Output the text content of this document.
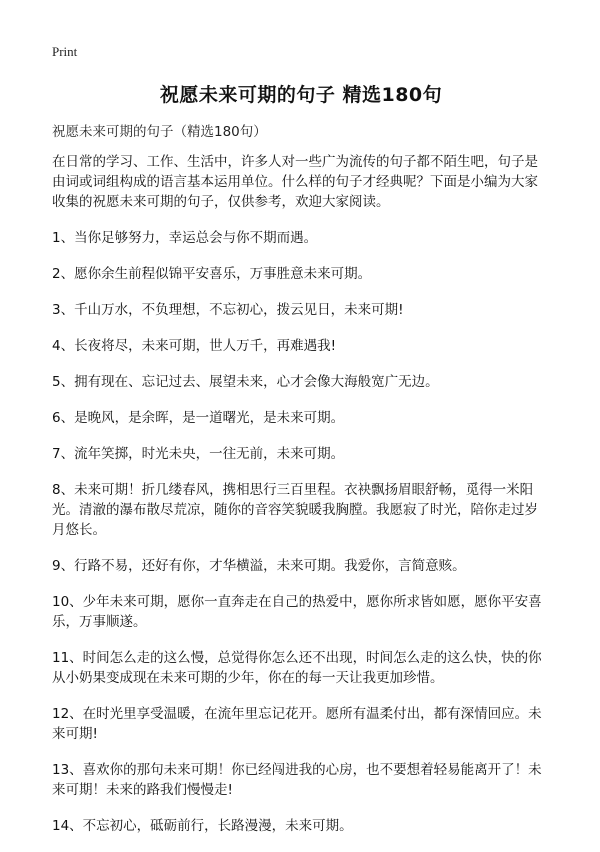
Print
祝愿未来可期的句子 精选180句
祝愿未来可期的句子（精选180句）

在日常的学习、工作、生活中，许多人对一些广为流传的句子都不陌生吧，句子是由词或词组构成的语言基本运用单位。什么样的句子才经典呢？下面是小编为大家收集的祝愿未来可期的句子，仅供参考，欢迎大家阅读。

1、当你足够努力，幸运总会与你不期而遇。

2、愿你余生前程似锦平安喜乐，万事胜意未来可期。

3、千山万水，不负理想，不忘初心，拨云见日，未来可期!

4、长夜将尽，未来可期，世人万千，再难遇我!

5、拥有现在、忘记过去、展望未来，心才会像大海般宽广无边。

6、是晚风，是余晖，是一道曙光，是未来可期。

7、流年笑掷，时光未央，一往无前，未来可期。

8、未来可期！折几缕春风，携相思行三百里程。衣袂飘扬眉眼舒畅，觅得一米阳光。清澈的瀑布散尽荒凉，随你的音容笑貌暖我胸膛。我愿寂了时光，陪你走过岁月悠长。

9、行路不易，还好有你，才华横溢，未来可期。我爱你，言简意赅。

10、少年未来可期，愿你一直奔走在自己的热爱中，愿你所求皆如愿，愿你平安喜乐，万事顺遂。

11、时间怎么走的这么慢，总觉得你怎么还不出现，时间怎么走的这么快，快的你从小奶果变成现在未来可期的少年，你在的每一天让我更加珍惜。

12、在时光里享受温暖，在流年里忘记花开。愿所有温柔付出，都有深情回应。未来可期!

13、喜欢你的那句未来可期！你已经闯进我的心房，也不要想着轻易能离开了！未来可期！未来的路我们慢慢走!

14、不忘初心，砥砺前行，长路漫漫，未来可期。
